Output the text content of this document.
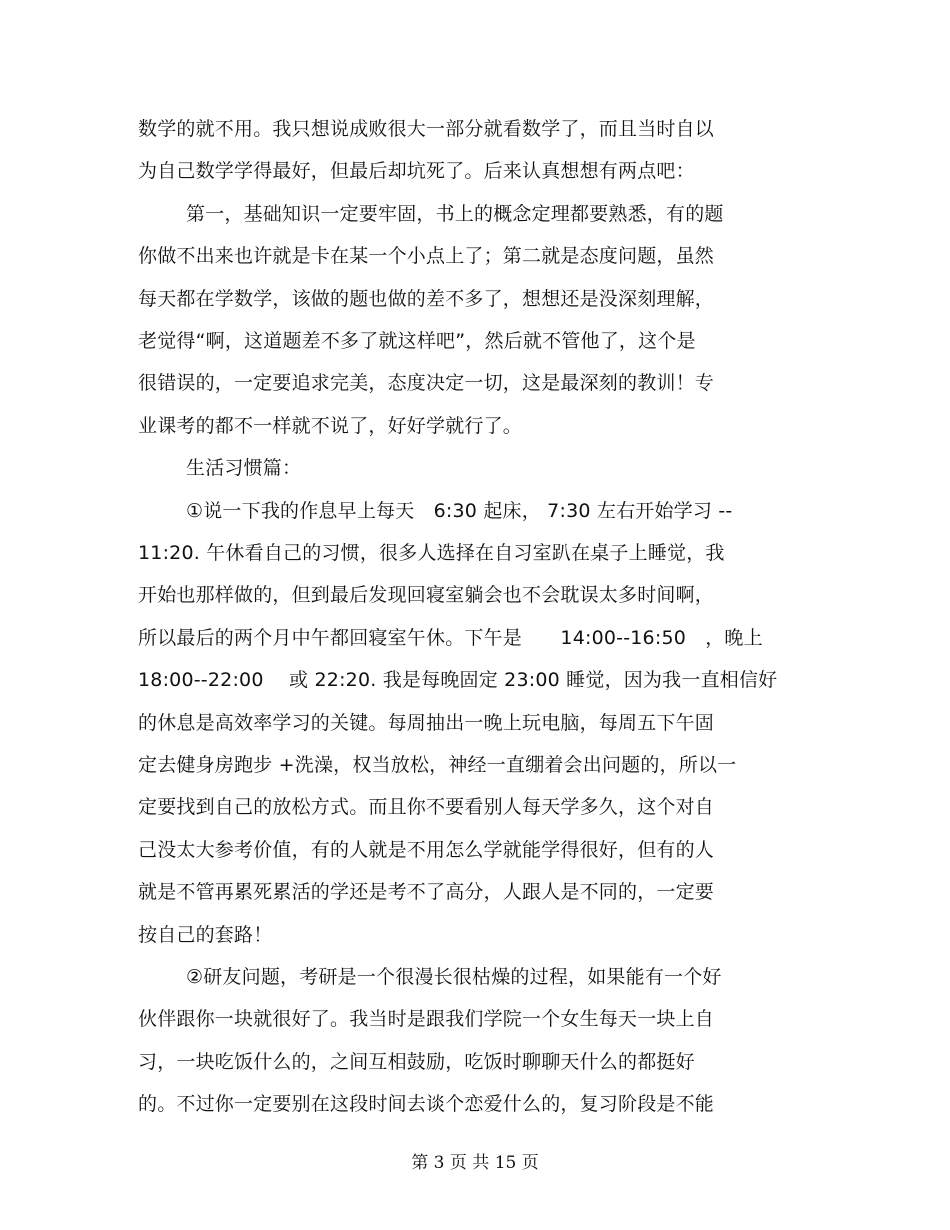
数学的就不用。我只想说成败很大一部分就看数学了，而且当时自以
为自己数学学得最好，但最后却坑死了。后来认真想想有两点吧：
第一，基础知识一定要牢固，书上的概念定理都要熟悉，有的题
你做不出来也许就是卡在某一个小点上了；第二就是态度问题，虽然
每天都在学数学，该做的题也做的差不多了，想想还是没深刻理解，
老觉得“啊，这道题差不多了就这样吧”，然后就不管他了，这个是
很错误的，一定要追求完美，态度决定一切，这是最深刻的教训！专
业课考的都不一样就不说了，好好学就行了。
生活习惯篇：
①说一下我的作息早上每天　6:30 起床， 7:30 左右开始学习 --
11:20. 午休看自己的习惯，很多人选择在自习室趴在桌子上睡觉，我
开始也那样做的，但到最后发现回寝室躺会也不会耽误太多时间啊，
所以最后的两个月中午都回寝室午休。下午是　　14:00--16:50　，晚上
18:00--22:00　 或 22:20. 我是每晚固定 23:00 睡觉，因为我一直相信好
的休息是高效率学习的关键。每周抽出一晚上玩电脑，每周五下午固
定去健身房跑步 +洗澡，权当放松，神经一直绷着会出问题的，所以一
定要找到自己的放松方式。而且你不要看别人每天学多久，这个对自
己没太大参考价值，有的人就是不用怎么学就能学得很好，但有的人
就是不管再累死累活的学还是考不了高分，人跟人是不同的，一定要
按自己的套路！
②研友问题，考研是一个很漫长很枯燥的过程，如果能有一个好
伙伴跟你一块就很好了。我当时是跟我们学院一个女生每天一块上自
习，一块吃饭什么的，之间互相鼓励，吃饭时聊聊天什么的都挺好
的。不过你一定要别在这段时间去谈个恋爱什么的，复习阶段是不能
第 3 页 共 15 页
